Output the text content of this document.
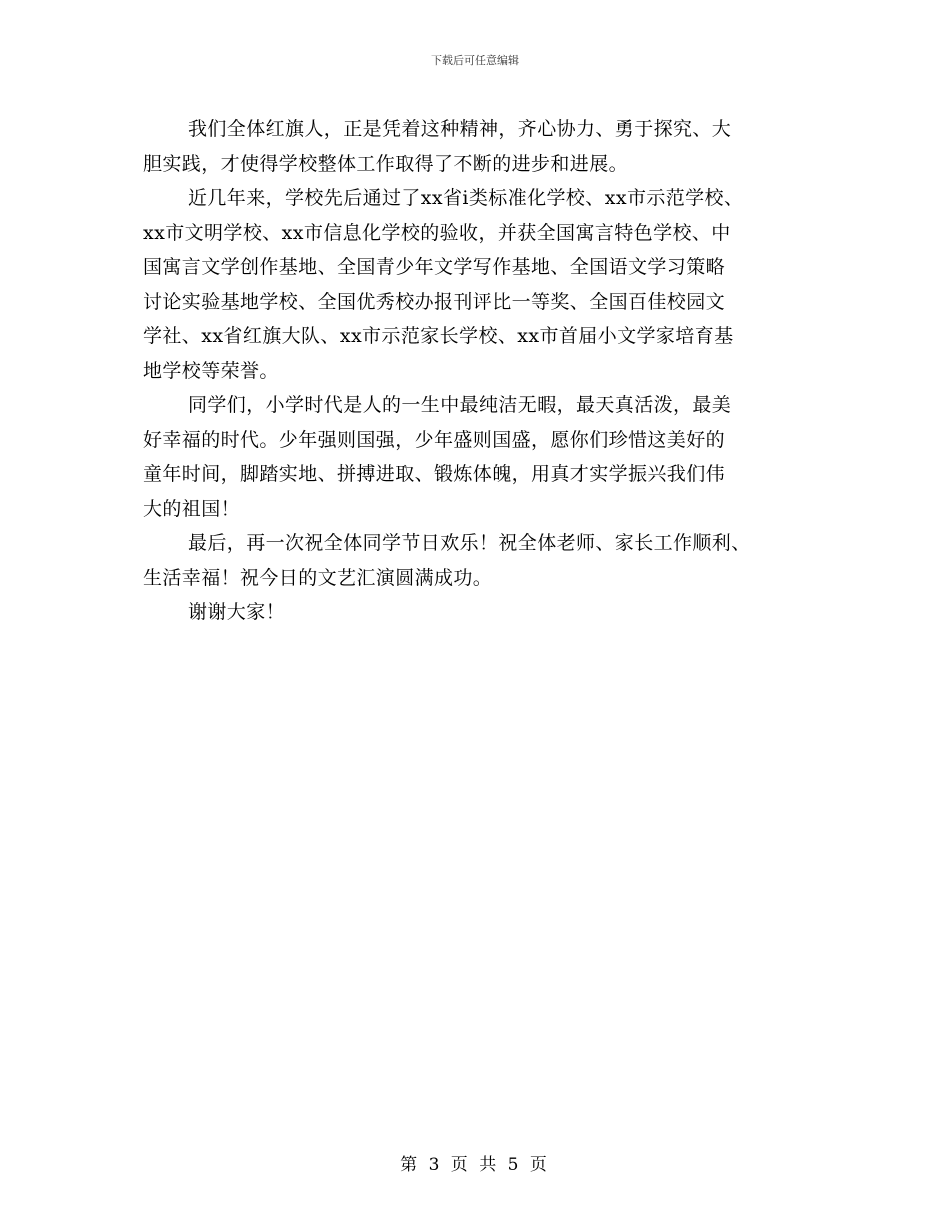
下载后可任意编辑
我们全体红旗人，正是凭着这种精神，齐心协力、勇于探究、大
胆实践，才使得学校整体工作取得了不断的进步和进展。
近几年来，学校先后通过了xx省i类标准化学校、xx市示范学校、
xx市文明学校、xx市信息化学校的验收，并获全国寓言特色学校、中
国寓言文学创作基地、全国青少年文学写作基地、全国语文学习策略
讨论实验基地学校、全国优秀校办报刊评比一等奖、全国百佳校园文
学社、xx省红旗大队、xx市示范家长学校、xx市首届小文学家培育基
地学校等荣誉。
同学们，小学时代是人的一生中最纯洁无暇，最天真活泼，最美
好幸福的时代。少年强则国强，少年盛则国盛，愿你们珍惜这美好的
童年时间，脚踏实地、拼搏进取、锻炼体魄，用真才实学振兴我们伟
大的祖国！
最后，再一次祝全体同学节日欢乐！祝全体老师、家长工作顺利、
生活幸福！祝今日的文艺汇演圆满成功。
谢谢大家！
第 3 页 共 5 页
